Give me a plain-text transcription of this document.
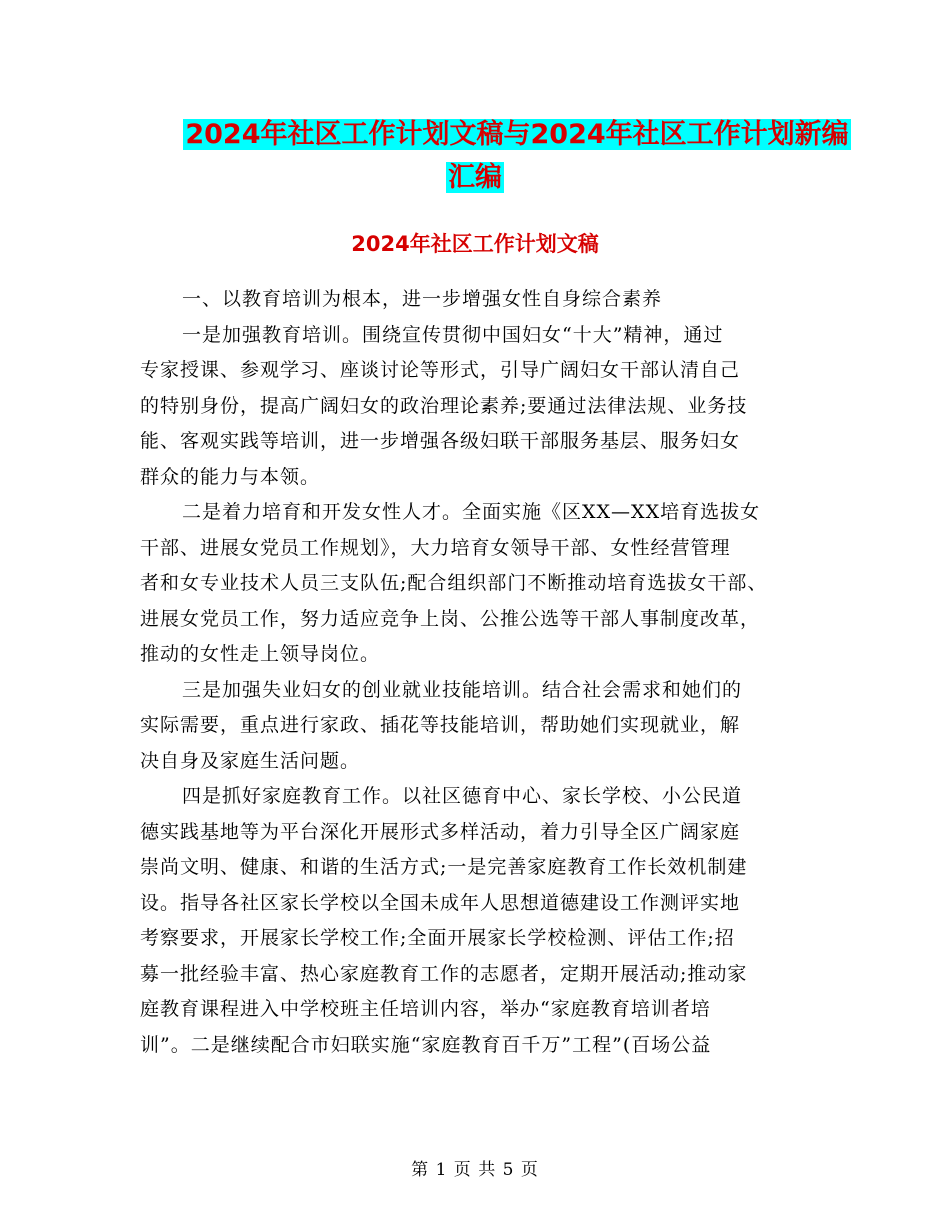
2024年社区工作计划文稿与2024年社区工作计划新编
汇编
2024年社区工作计划文稿
一、以教育培训为根本，进一步增强女性自身综合素养
一是加强教育培训。围绕宣传贯彻中国妇女“十大”精神，通过
专家授课、参观学习、座谈讨论等形式，引导广阔妇女干部认清自己
的特别身份，提高广阔妇女的政治理论素养;要通过法律法规、业务技
能、客观实践等培训，进一步增强各级妇联干部服务基层、服务妇女
群众的能力与本领。
二是着力培育和开发女性人才。全面实施《区XX—XX培育选拔女
干部、进展女党员工作规划》，大力培育女领导干部、女性经营管理
者和女专业技术人员三支队伍;配合组织部门不断推动培育选拔女干部、
进展女党员工作，努力适应竞争上岗、公推公选等干部人事制度改革，
推动的女性走上领导岗位。
三是加强失业妇女的创业就业技能培训。结合社会需求和她们的
实际需要，重点进行家政、插花等技能培训，帮助她们实现就业，解
决自身及家庭生活问题。
四是抓好家庭教育工作。以社区德育中心、家长学校、小公民道
德实践基地等为平台深化开展形式多样活动，着力引导全区广阔家庭
崇尚文明、健康、和谐的生活方式;一是完善家庭教育工作长效机制建
设。指导各社区家长学校以全国未成年人思想道德建设工作测评实地
考察要求，开展家长学校工作;全面开展家长学校检测、评估工作;招
募一批经验丰富、热心家庭教育工作的志愿者，定期开展活动;推动家
庭教育课程进入中学校班主任培训内容，举办“家庭教育培训者培
训”。二是继续配合市妇联实施“家庭教育百千万”工程”(百场公益
第 1 页 共 5 页
